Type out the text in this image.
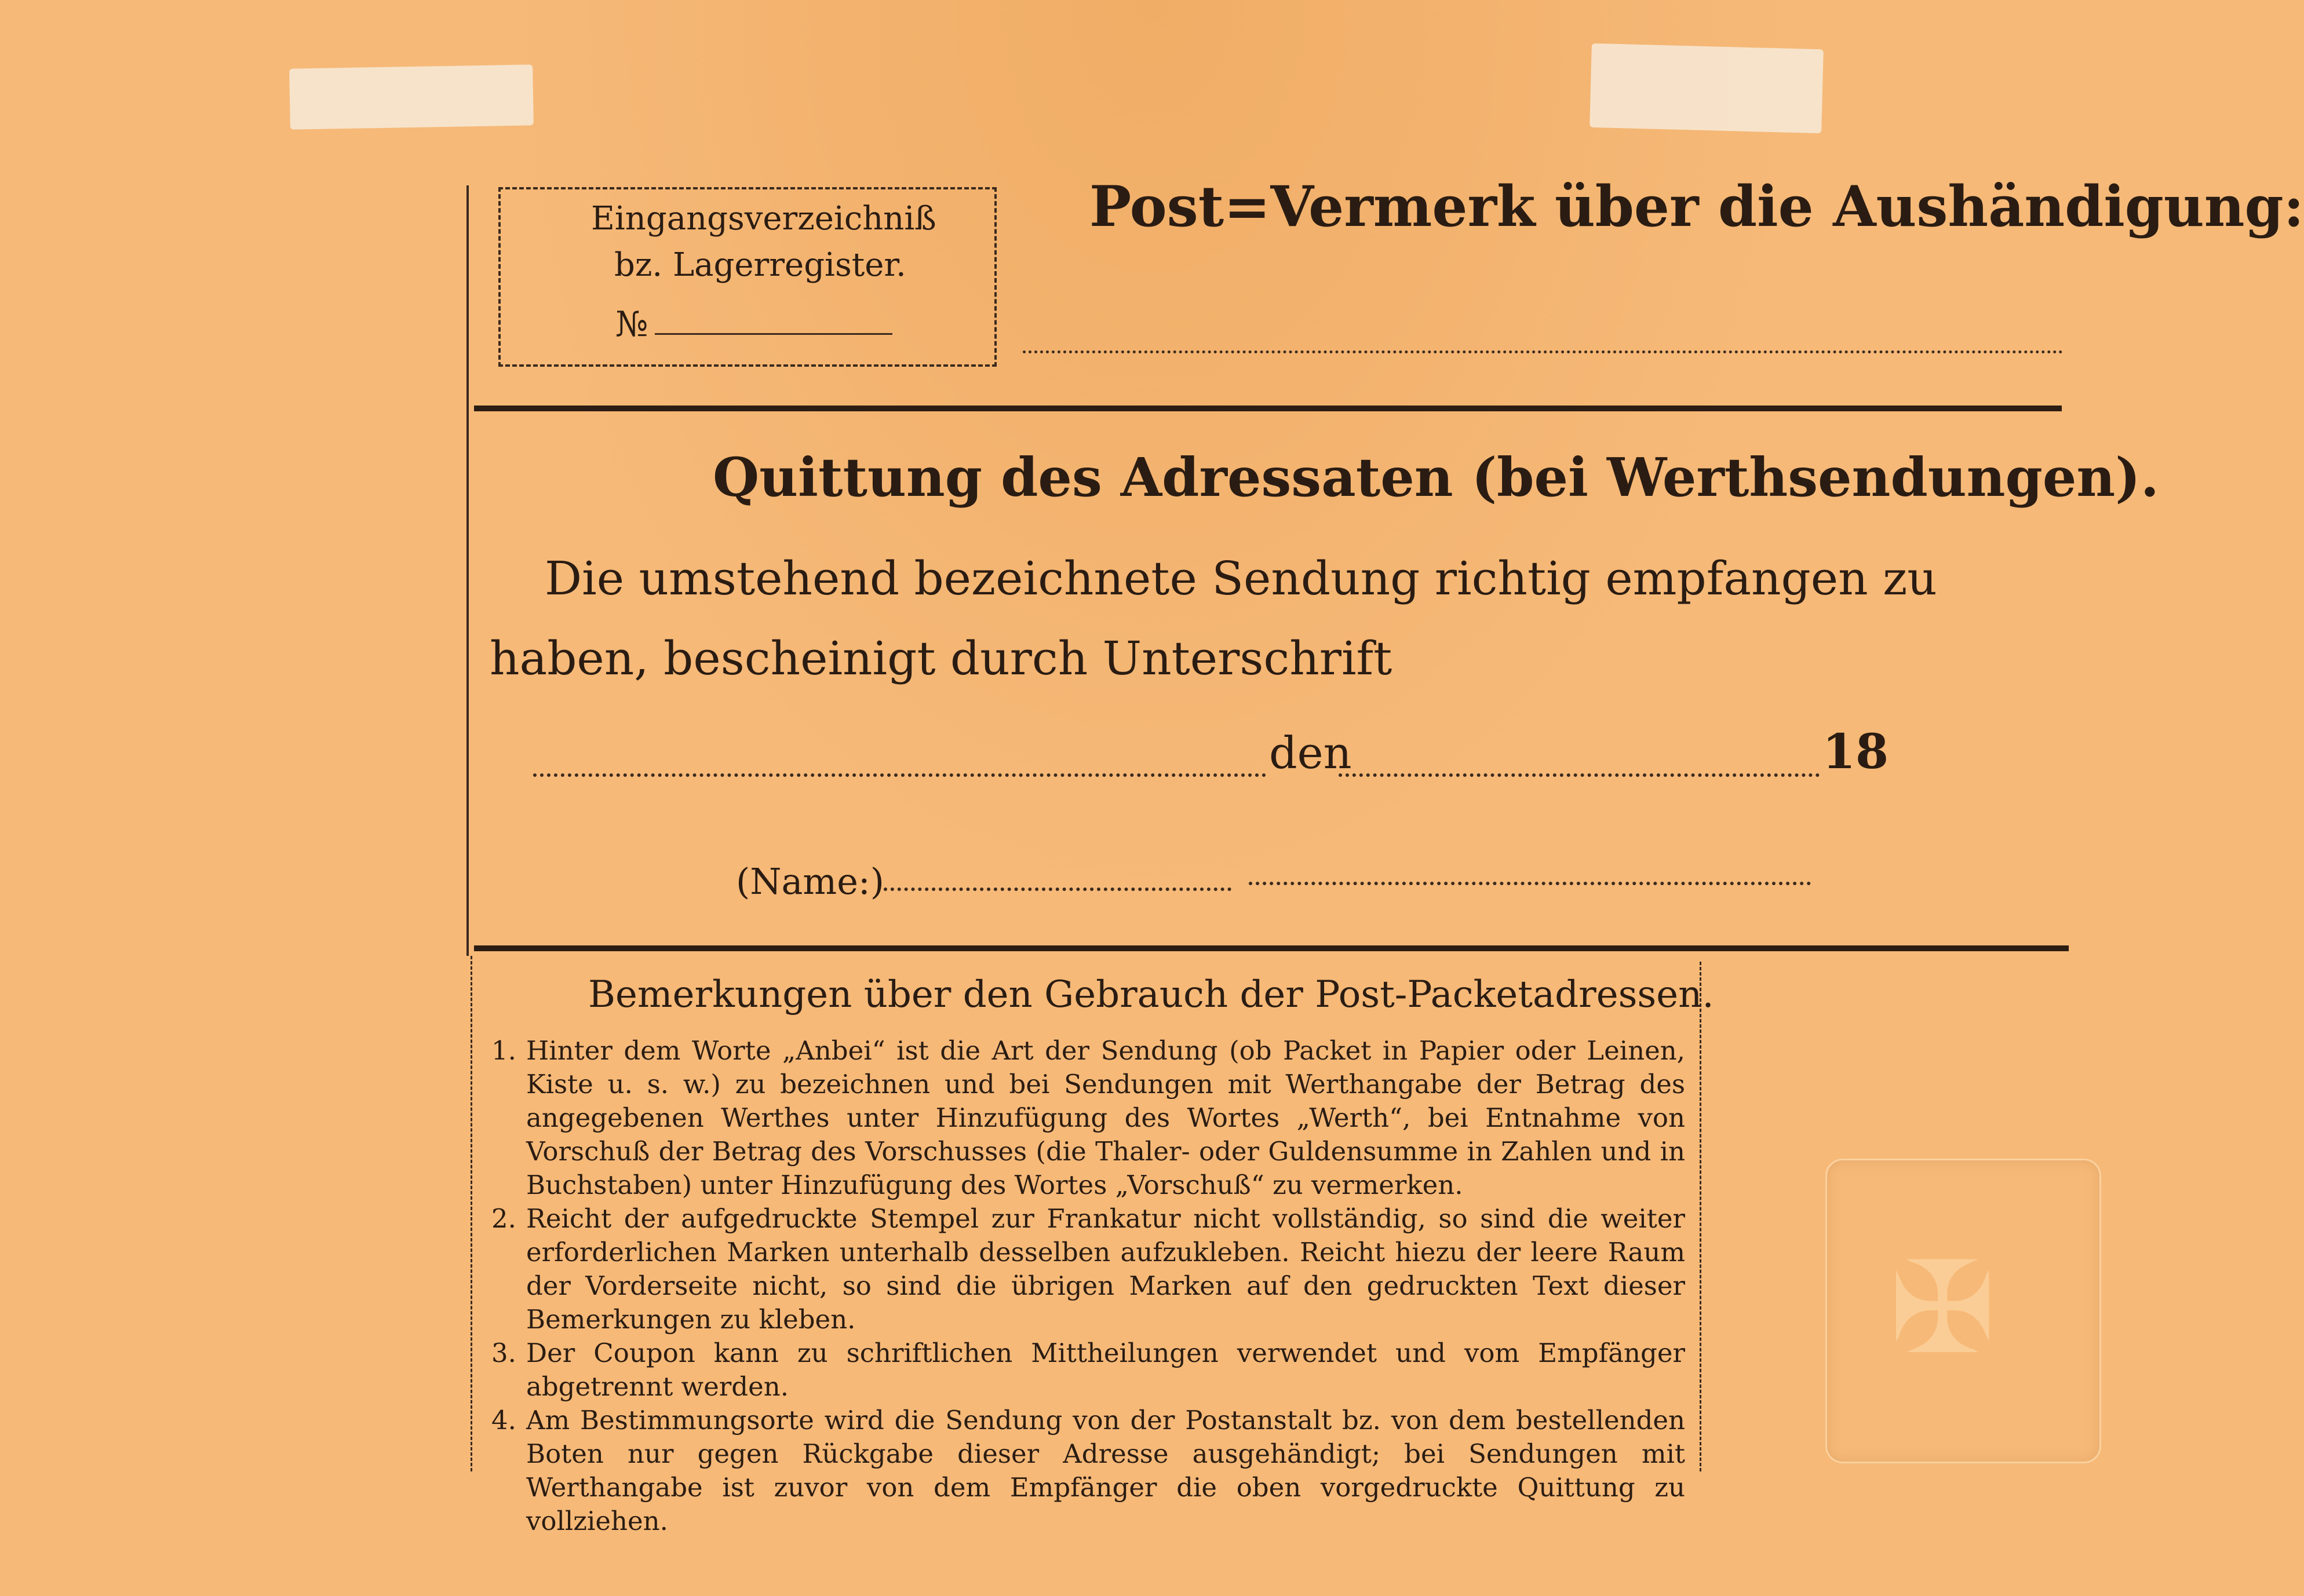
Eingangsverzeichniß
bz. Lagerregister.
№
Post=Vermerk über die Aushändigung:
Quittung des Adressaten (bei Werthsendungen).
Die umstehend bezeichnete Sendung richtig empfangen zu haben, bescheinigt durch Unterschrift
den	18
(Name:)
Bemerkungen über den Gebrauch der Post-Packetadressen.
1. Hinter dem Worte „Anbei“ ist die Art der Sendung (ob Packet in Papier oder Leinen, Kiste u. s. w.) zu bezeichnen und bei Sendungen mit Werthangabe der Betrag des angegebenen Werthes unter Hinzufügung des Wortes „Werth“, bei Entnahme von Vorschuß der Betrag des Vorschusses (die Thaler- oder Guldensumme in Zahlen und in Buchstaben) unter Hinzufügung des Wortes „Vorschuß“ zu vermerken.
2. Reicht der aufgedruckte Stempel zur Frankatur nicht vollständig, so sind die weiter erforderlichen Marken unterhalb desselben aufzukleben. Reicht hiezu der leere Raum der Vorderseite nicht, so sind die übrigen Marken auf den gedruckten Text dieser Bemerkungen zu kleben.
3. Der Coupon kann zu schriftlichen Mittheilungen verwendet und vom Empfänger abgetrennt werden.
4. Am Bestimmungsorte wird die Sendung von der Postanstalt bz. von dem bestellenden Boten nur gegen Rückgabe dieser Adresse ausgehändigt; bei Sendungen mit Werthangabe ist zuvor von dem Empfänger die oben vorgedruckte Quittung zu vollziehen.
✠
